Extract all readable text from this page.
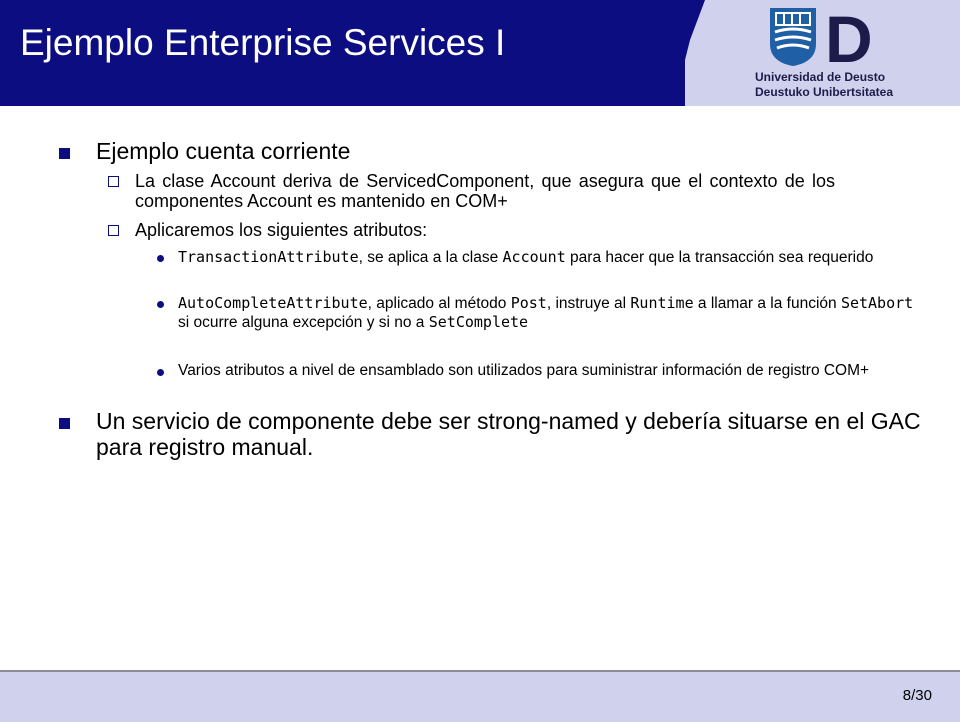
Ejemplo Enterprise Services I	D
Universidad de Deusto
Deustuko Unibertsitatea
Ejemplo cuenta corriente
La clase Account deriva de ServicedComponent, que asegura que el contexto de los componentes Account es mantenido en COM+
Aplicaremos los siguientes atributos:
TransactionAttribute, se aplica a la clase Account para hacer que la transacción sea requerido
AutoCompleteAttribute, aplicado al método Post, instruye al Runtime a llamar a la función SetAbort si ocurre alguna excepción y si no a SetComplete
Varios atributos a nivel de ensamblado son utilizados para suministrar información de registro COM+
Un servicio de componente debe ser strong-named y debería situarse en el GAC para registro manual.
8/30
